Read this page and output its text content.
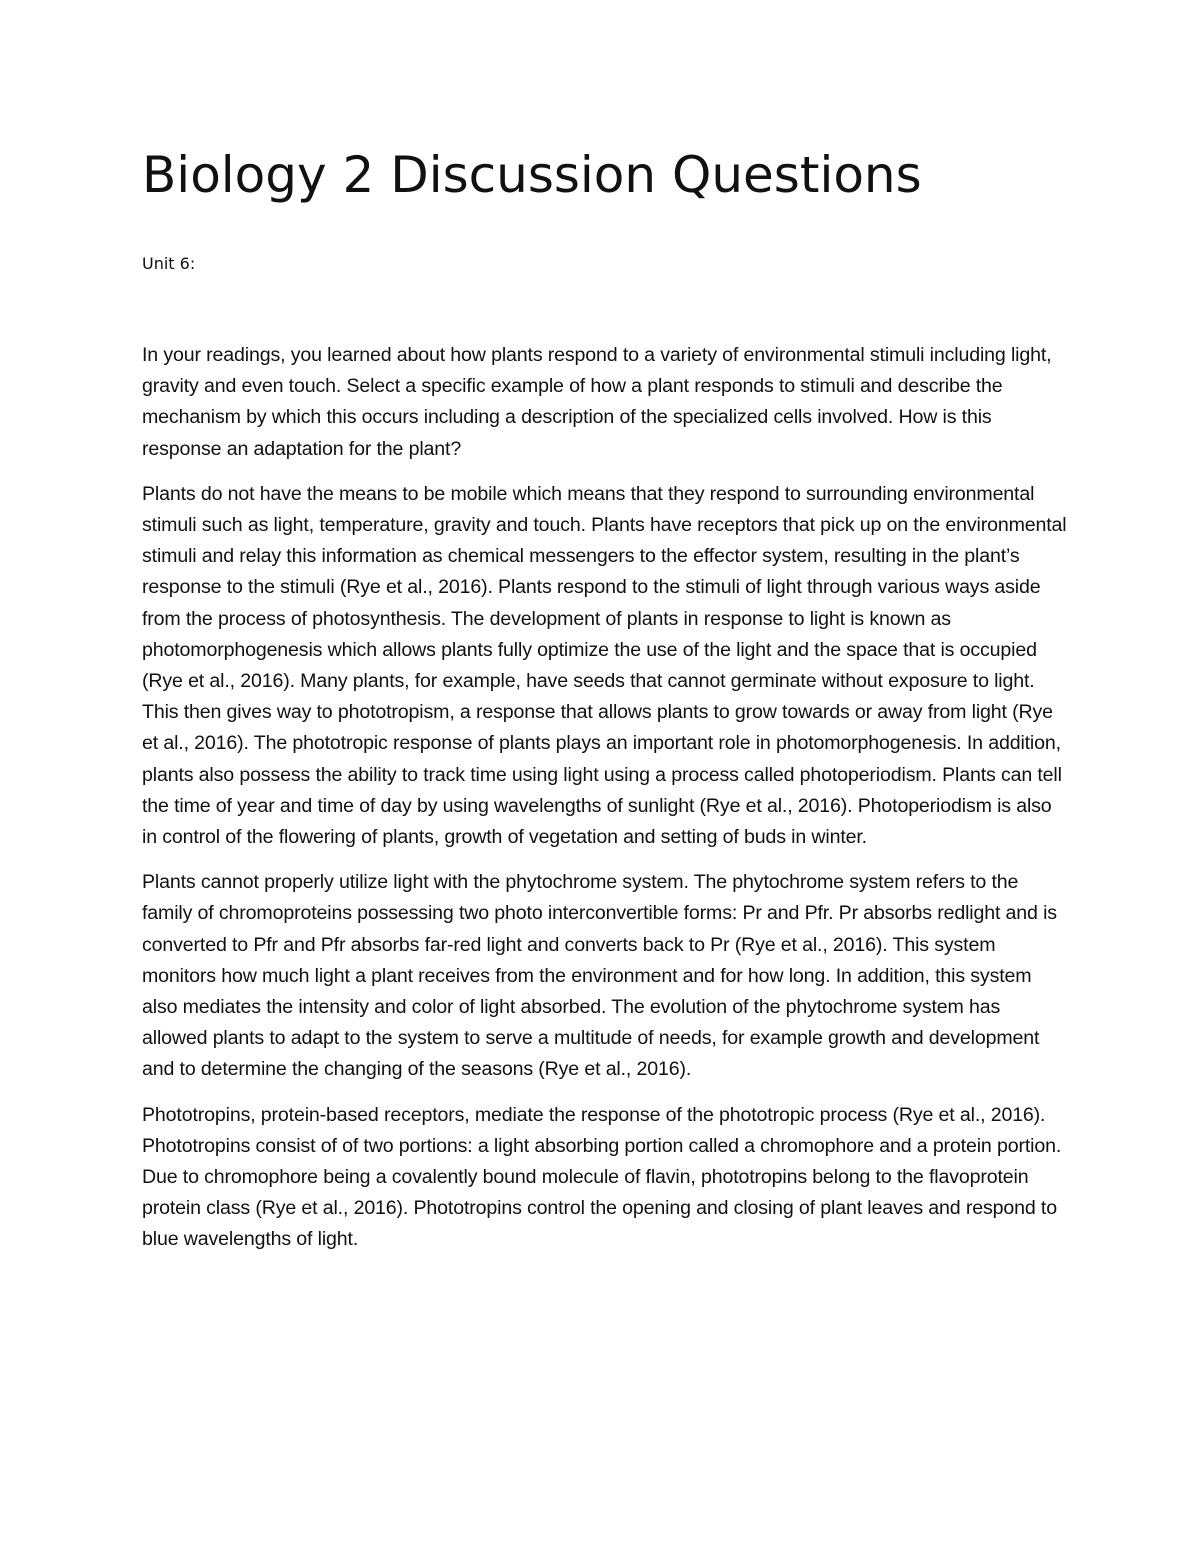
Biology 2 Discussion Questions

Unit 6:

In your readings, you learned about how plants respond to a variety of environmental stimuli including light, gravity and even touch. Select a specific example of how a plant responds to stimuli and describe the mechanism by which this occurs including a description of the specialized cells involved. How is this response an adaptation for the plant?

Plants do not have the means to be mobile which means that they respond to surrounding environmental stimuli such as light, temperature, gravity and touch. Plants have receptors that pick up on the environmental stimuli and relay this information as chemical messengers to the effector system, resulting in the plant’s response to the stimuli (Rye et al., 2016). Plants respond to the stimuli of light through various ways aside from the process of photosynthesis. The development of plants in response to light is known as photomorphogenesis which allows plants fully optimize the use of the light and the space that is occupied (Rye et al., 2016). Many plants, for example, have seeds that cannot germinate without exposure to light. This then gives way to phototropism, a response that allows plants to grow towards or away from light (Rye et al., 2016). The phototropic response of plants plays an important role in photomorphogenesis. In addition, plants also possess the ability to track time using light using a process called photoperiodism. Plants can tell the time of year and time of day by using wavelengths of sunlight (Rye et al., 2016). Photoperiodism is also in control of the flowering of plants, growth of vegetation and setting of buds in winter.

Plants cannot properly utilize light with the phytochrome system. The phytochrome system refers to the family of chromoproteins possessing two photo interconvertible forms: Pr and Pfr. Pr absorbs redlight and is converted to Pfr and Pfr absorbs far-red light and converts back to Pr (Rye et al., 2016). This system monitors how much light a plant receives from the environment and for how long. In addition, this system also mediates the intensity and color of light absorbed. The evolution of the phytochrome system has allowed plants to adapt to the system to serve a multitude of needs, for example growth and development and to determine the changing of the seasons (Rye et al., 2016).

Phototropins, protein-based receptors, mediate the response of the phototropic process (Rye et al., 2016). Phototropins consist of of two portions: a light absorbing portion called a chromophore and a protein portion. Due to chromophore being a covalently bound molecule of flavin, phototropins belong to the flavoprotein protein class (Rye et al., 2016). Phototropins control the opening and closing of plant leaves and respond to blue wavelengths of light.
